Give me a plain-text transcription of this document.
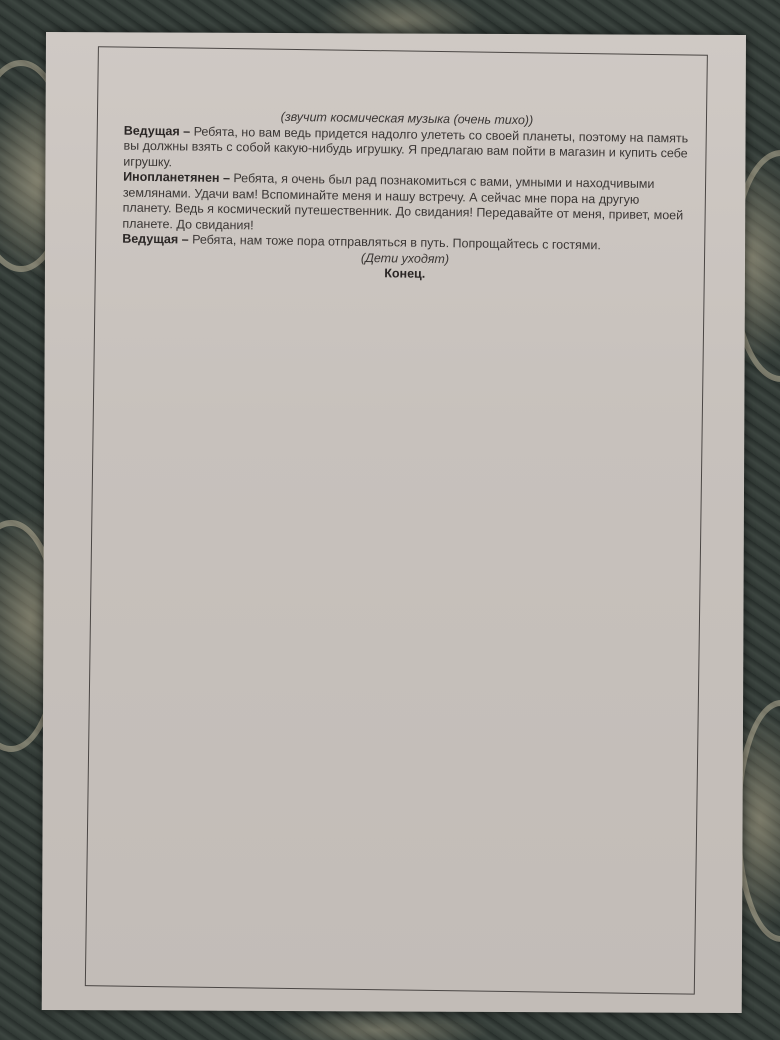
(звучит космическая музыка (очень тихо))

Ведущая – Ребята, но вам ведь придется надолго улететь со своей планеты, поэтому на память вы должны взять с собой какую-нибудь игрушку. Я предлагаю вам пойти в магазин и купить себе игрушку.

Инопланетянен – Ребята, я очень был рад познакомиться с вами, умными и находчивыми землянами. Удачи вам! Вспоминайте меня и нашу встречу. А сейчас мне пора на другую планету. Ведь я космический путешественник. До свидания! Передавайте от меня, привет, моей планете. До свидания!

Ведущая – Ребята, нам тоже пора отправляться в путь. Попрощайтесь с гостями.

(Дети уходят)

Конец.
